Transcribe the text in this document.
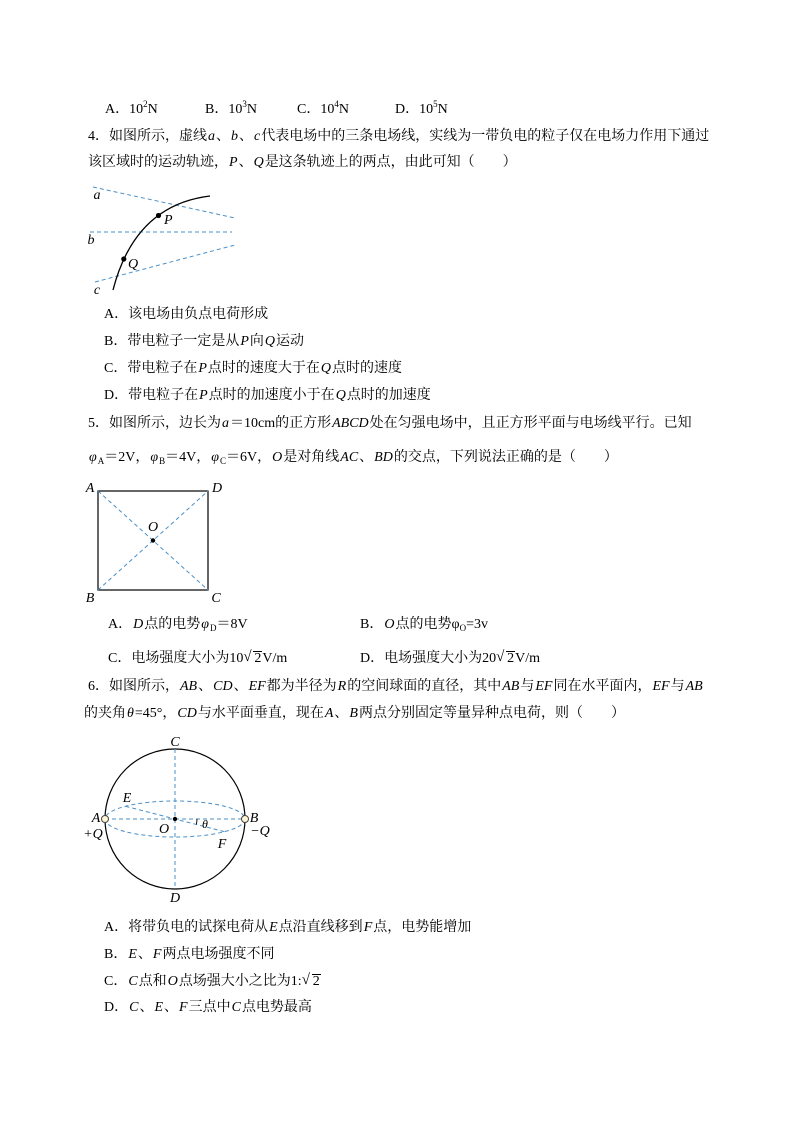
A．$10^2N$	B．$10^3N$	C．$10^4N$	D．$10^5N$
4．如图所示，虚线a、b、c代表电场中的三条电场线，实线为一带负电的粒子仅在电场力作用下通过
该区域时的运动轨迹，P、Q是这条轨迹上的两点，由此可知（　　）
a
b
c
P
Q
A．该电场由负点电荷形成
B．带电粒子一定是从P向Q运动
C．带电粒子在P点时的速度大于在Q点时的速度
D．带电粒子在P点时的加速度小于在Q点时的加速度
5．如图所示，边长为a＝10cm的正方形ABCD处在匀强电场中，且正方形平面与电场线平行。已知
$\varphi_A=2V$，$\varphi_B=4V$，$\varphi_C=6V$，O是对角线AC、BD的交点，下列说法正确的是（　　）
A	D
B	C
O
A．D点的电势$\varphi_D=8V$	B．O点的电势$\varphi_O=3v$
C．电场强度大小为10 √ 2V/m	D．电场强度大小为20 √ 2V/m
6．如图所示，AB、CD、EF都为半径为R的空间球面的直径，其中AB与EF同在水平面内，EF与AB
的夹角θ=45°，CD与水平面垂直，现在A、B两点分别固定等量异种点电荷，则（　　）
C
D
E
F
O	θ
A
+Q
B
−Q
A．将带负电的试探电荷从E点沿直线移到F点，电势能增加
B．E、F两点电场强度不同
C．C点和O点场强大小之比为1: √ 2
D．C、E、F三点中C点电势最高
